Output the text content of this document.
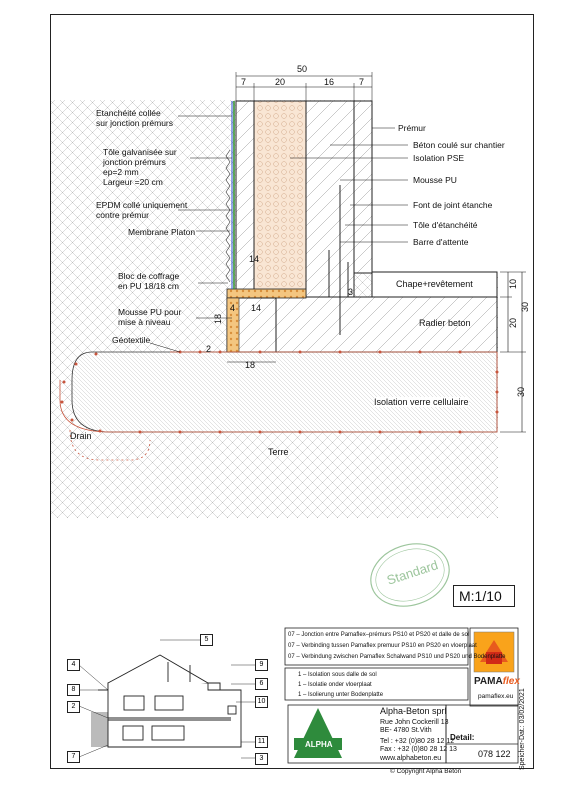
50
7	20	16	7
14
14
4
18
18
2
3
10
20
30
30
Etanchéité collée
sur jonction prémurs
Tôle galvanisée sur
jonction prémurs
ep=2 mm
Largeur =20 cm
EPDM collé uniquement
contre prémur
Membrane Platon
Bloc de coffrage
en PU 18/18 cm
Mousse PU pour
mise à niveau
Géotextile
Drain
Prémur
Béton coulé sur chantier
Isolation PSE
Mousse PU
Font de joint étanche
Tôle d'étanchéité
Barre d'attente
Chape+revêtement
Radier beton
Isolation verre cellulaire
Terre
Standard
M:1/10
5
4	9
8
6
2
10
11
7	3
07 – Jonction entre Pamaflex–prémurs PS10 et PS20 et dalle de sol
07 – Verbinding tussen Pamaflex premuur PS10 en PS20 en vloerplaat
07 – Verbindung zwischen Pamaflex Schalwand PS10 und PS20 und Bodenplatte
1 – Isolation sous dalle de sol
1 – Isolatie onder vloerplaat
1 – Isolierung unter Bodenplatte
PAMAflex
pamaflex.eu
ALPHA
Alpha-Beton sprl
Rue John Cockerill 13
BE- 4780 St.Vith
Tel : +32 (0)80 28 12 12
Fax : +32 (0)80 28 12 13
www.alphabeton.eu
Detail:
078 122 Speicher-Dat.: 03/02/2021
© Copyright Alpha Beton
